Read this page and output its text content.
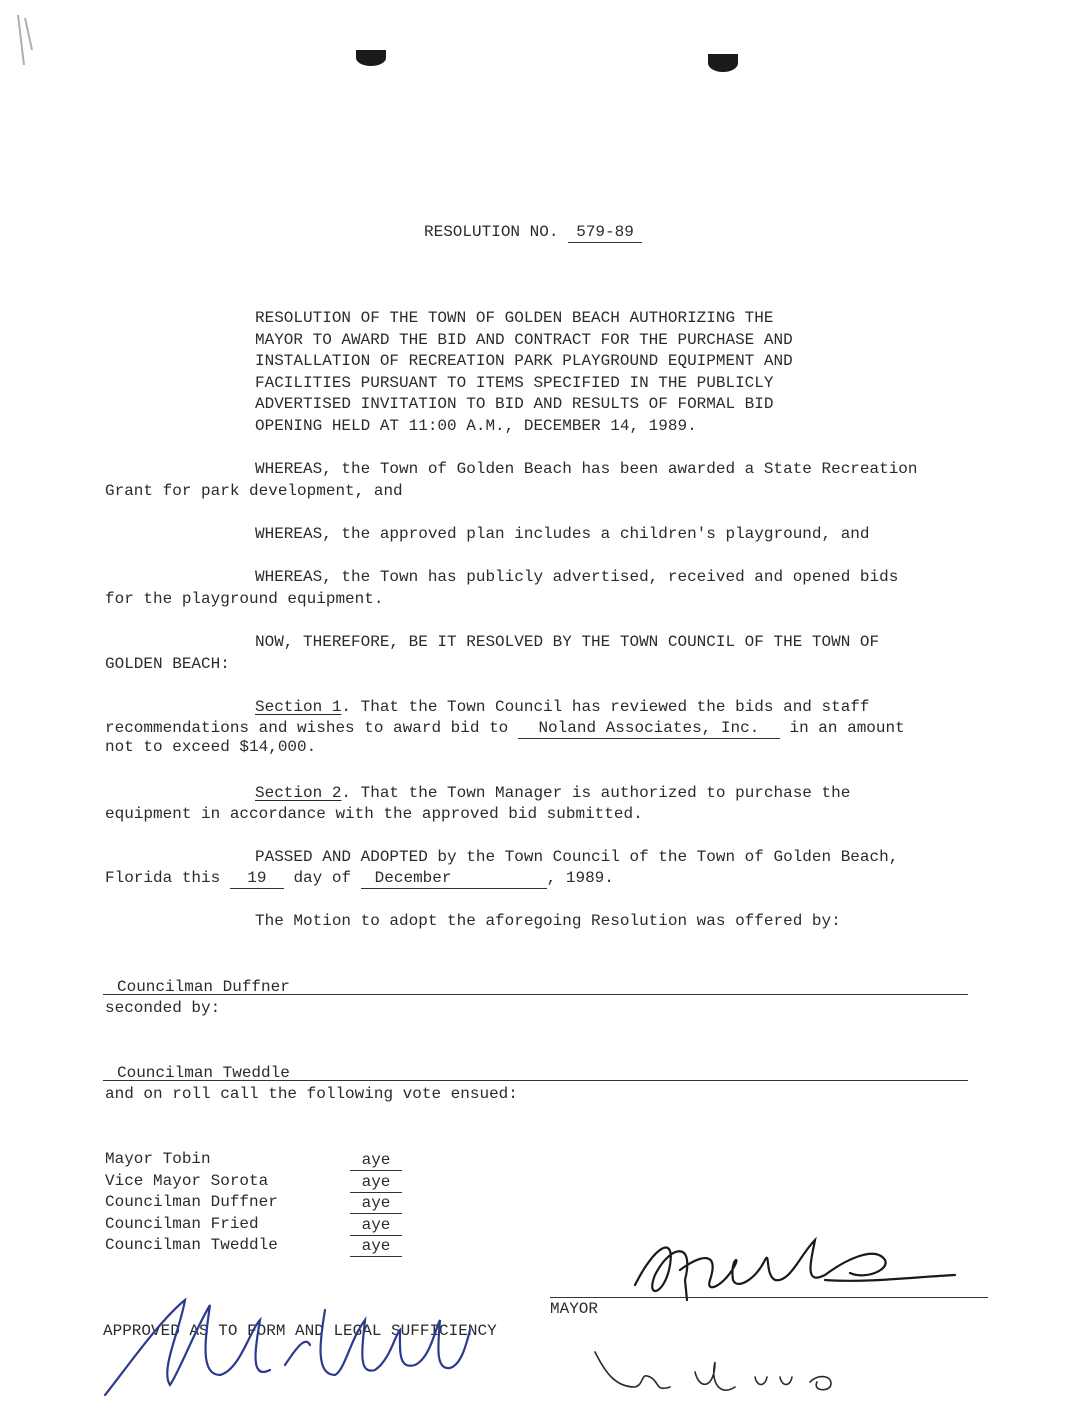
RESOLUTION NO. 579-89
RESOLUTION OF THE TOWN OF GOLDEN BEACH AUTHORIZING THE
MAYOR TO AWARD THE BID AND CONTRACT FOR THE PURCHASE AND
INSTALLATION OF RECREATION PARK PLAYGROUND EQUIPMENT AND
FACILITIES PURSUANT TO ITEMS SPECIFIED IN THE PUBLICLY
ADVERTISED INVITATION TO BID AND RESULTS OF FORMAL BID
OPENING HELD AT 11:00 A.M., DECEMBER 14, 1989.
WHEREAS, the Town of Golden Beach has been awarded a State Recreation
Grant for park development, and
WHEREAS, the approved plan includes a children's playground, and
WHEREAS, the Town has publicly advertised, received and opened bids
for the playground equipment.
NOW, THEREFORE, BE IT RESOLVED BY THE TOWN COUNCIL OF THE TOWN OF
GOLDEN BEACH:
Section 1. That the Town Council has reviewed the bids and staff
recommendations and wishes to award bid to Noland Associates, Inc. in an amount
not to exceed $14,000.
Section 2. That the Town Manager is authorized to purchase the
equipment in accordance with the approved bid submitted.
PASSED AND ADOPTED by the Town Council of the Town of Golden Beach,
Florida this 19 day of December	, 1989.
The Motion to adopt the aforegoing Resolution was offered by:
Councilman Duffner
seconded by:
Councilman Tweddle
and on roll call the following vote ensued:
Mayor Tobin	aye
Vice Mayor Sorota	aye
Councilman Duffner	aye
Councilman Fried	aye
Councilman Tweddle	aye
MAYOR
APPROVED AS TO FORM AND LEGAL SUFFICIENCY
